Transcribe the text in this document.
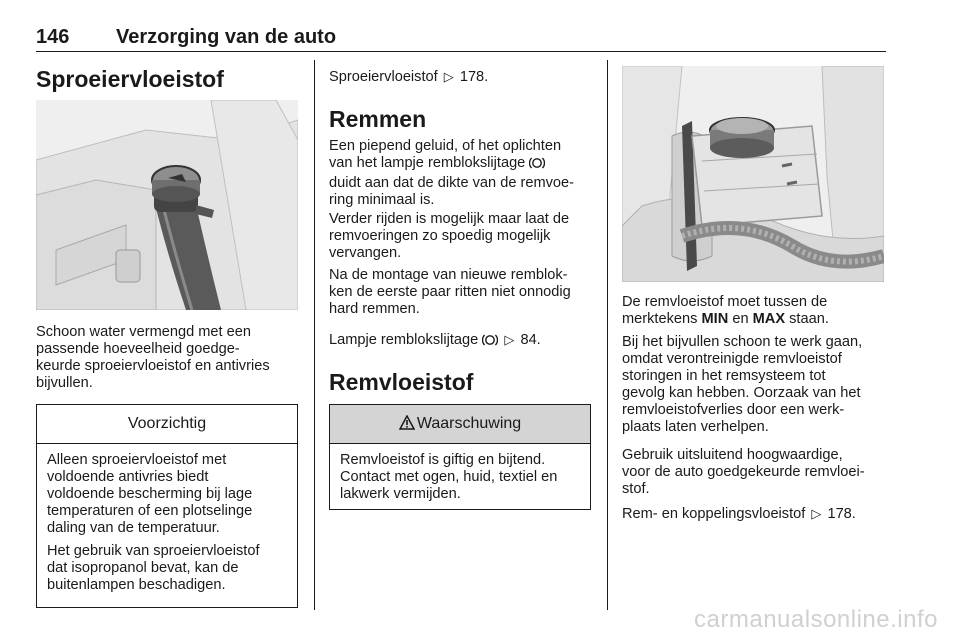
146 Verzorging van de auto
Sproeiervloeistof

Schoon water vermengd met een
passende hoeveelheid goedge-
keurde sproeiervloeistof en antivries
bijvullen.

Voorzichtig

Alleen sproeiervloeistof met
voldoende antivries biedt
voldoende bescherming bij lage
temperaturen of een plotselinge
daling van de temperatuur.

Het gebruik van sproeiervloeistof
dat isopropanol bevat, kan de
buitenlampen beschadigen.

Sproeiervloeistof ▷ 178.

Remmen

Een piepend geluid, of het oplichten
van het lampje remblokslijtage
duidt aan dat de dikte van de remvoe-
ring minimaal is.

Verder rijden is mogelijk maar laat de
remvoeringen zo spoedig mogelijk
vervangen.

Na de montage van nieuwe remblok-
ken de eerste paar ritten niet onnodig
hard remmen.

Lampje remblokslijtage ▷ 84.

Remvloeistof
Waarschuwing

Remvloeistof is giftig en bijtend.
Contact met ogen, huid, textiel en
lakwerk vermijden.

De remvloeistof moet tussen de
merktekens MIN en MAX staan.

Bij het bijvullen schoon te werk gaan,
omdat verontreinigde remvloeistof
storingen in het remsysteem tot
gevolg kan hebben. Oorzaak van het
remvloeistofverlies door een werk-
plaats laten verhelpen.

Gebruik uitsluitend hoogwaardige,
voor de auto goedgekeurde remvloei-
stof.

Rem- en koppelingsvloeistof ▷ 178.

carmanualsonline.info
